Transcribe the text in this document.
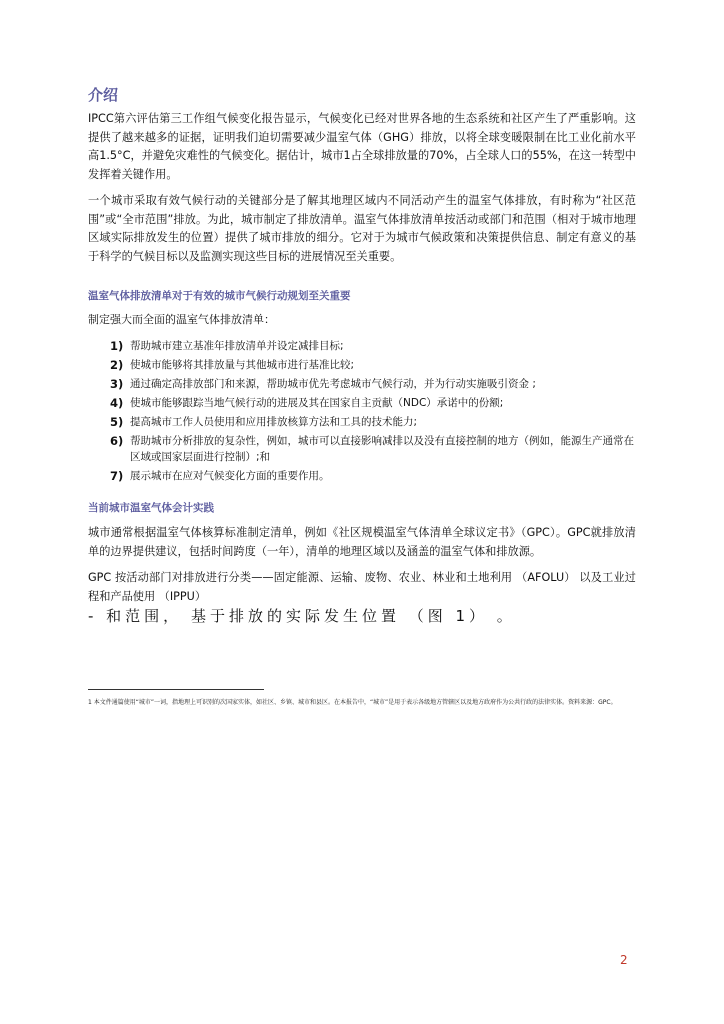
介绍

IPCC第六评估第三工作组气候变化报告显示，气候变化已经对世界各地的生态系统和社区产生了严重影响。这提供了越来越多的证据，证明我们迫切需要减少温室气体（GHG）排放，以将全球变暖限制在比工业化前水平高1.5°C，并避免灾难性的气候变化。据估计，城市1占全球排放量的70%，占全球人口的55%，在这一转型中发挥着关键作用。

一个城市采取有效气候行动的关键部分是了解其地理区域内不同活动产生的温室气体排放，有时称为“社区范围”或“全市范围”排放。为此，城市制定了排放清单。温室气体排放清单按活动或部门和范围（相对于城市地理区域实际排放发生的位置）提供了城市排放的细分。它对于为城市气候政策和决策提供信息、制定有意义的基于科学的气候目标以及监测实现这些目标的进展情况至关重要。

温室气体排放清单对于有效的城市气候行动规划至关重要

制定强大而全面的温室气体排放清单：

1) 帮助城市建立基准年排放清单并设定减排目标;
2) 使城市能够将其排放量与其他城市进行基准比较;
3) 通过确定高排放部门和来源，帮助城市优先考虑城市气候行动，并为行动实施吸引资金 ;
4) 使城市能够跟踪当地气候行动的进展及其在国家自主贡献（NDC）承诺中的份额;
5) 提高城市工作人员使用和应用排放核算方法和工具的技术能力;
6) 帮助城市分析排放的复杂性，例如，城市可以直接影响减排以及没有直接控制的地方（例如，能源生产通常在区域或国家层面进行控制）;和
7) 展示城市在应对气候变化方面的重要作用。
当前城市温室气体会计实践

城市通常根据温室气体核算标准制定清单，例如《社区规模温室气体清单全球议定书》（GPC）。GPC就排放清单的边界提供建议，包括时间跨度（一年），清单的地理区域以及涵盖的温室气体和排放源。

GPC 按活动部门对排放进行分类——固定能源、运输、废物、农业、林业和土地利用 （AFOLU） 以及工业过程和产品使用 （IPPU）

- 和范围， 基于排放的实际发生位置 （图 1） 。

1 本文件通篇使用“城市”一词，指地理上可识别的次国家实体，如社区、乡镇、城市和县区。在本报告中，“城市”是用于表示各级地方管辖区以及地方政府作为公共行政的法律实体。资料来源：GPC。
2
